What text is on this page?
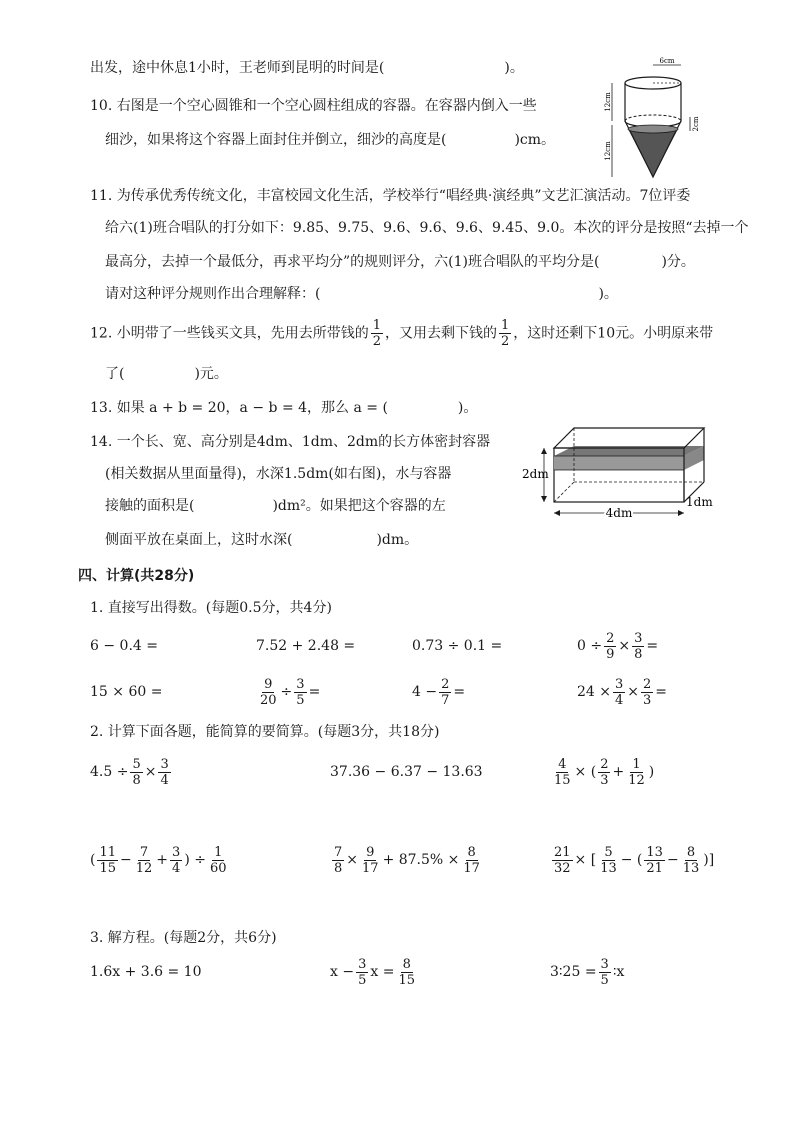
出发，途中休息1小时，王老师到昆明的时间是(	)。
10. 右图是一个空心圆锥和一个空心圆柱组成的容器。在容器内倒入一些
细沙，如果将这个容器上面封住并倒立，细沙的高度是(	)cm。
6cm
12cm
12cm
2cm
11. 为传承优秀传统文化，丰富校园文化生活，学校举行“唱经典·演经典”文艺汇演活动。7位评委
给六(1)班合唱队的打分如下：9.85、9.75、9.6、9.6、9.6、9.45、9.0。本次的评分是按照“去掉一个
最高分，去掉一个最低分，再求平均分”的规则评分，六(1)班合唱队的平均分是(	)分。
请对这种评分规则作出合理解释：(	)。
12. 小明带了一些钱买文具，先用去所带钱的 $\frac{1}{2}$ ，又用去剩下钱的 $\frac{1}{2}$ ，这时还剩下10元。小明原来带
了(	)元。
13. 如果 a + b = 20，a − b = 4，那么 a = (	)。
14. 一个长、宽、高分别是4dm、1dm、2dm的长方体密封容器
(相关数据从里面量得)，水深1.5dm(如右图)，水与容器
接触的面积是(	)dm²。如果把这个容器的左
侧面平放在桌面上，这时水深(	)dm。
2dm
4dm
1dm
四、计算(共28分)
1. 直接写出得数。(每题0.5分，共4分)
6 − 0.4 =	7.52 + 2.48 =	0.73 ÷ 0.1 =	$0 \div \frac{2}{9} \times \frac{3}{8}$ =
15 × 60 =	$\frac{9}{20} \div \frac{3}{5}$ =	$4 - \frac{2}{7}$ =	$24 \times \frac{3}{4} \times \frac{2}{3}$ =
2. 计算下面各题，能简算的要简算。(每题3分，共18分)
$4.5 \div \frac{5}{8} \times \frac{3}{4}$	37.36 − 6.37 − 13.63	$\frac{4}{15}$ × ( $\frac{2}{3} + \frac{1}{12}$ )
( $\frac{11}{15} - \frac{7}{12} + \frac{3}{4}$ ) ÷ $\frac{1}{60}$	$\frac{7}{8} \times \frac{9}{17} + 87.5\% \times \frac{8}{17}$	$\frac{21}{32}$ × [ $\frac{5}{13}$ − ( $\frac{13}{21} - \frac{8}{13}$ )]
3. 解方程。(每题2分，共6分)
1.6x + 3.6 = 10	$x - \frac{3}{5}$ $x = \frac{8}{15}$	3∶25 = $\frac{3}{5}$ ∶x
